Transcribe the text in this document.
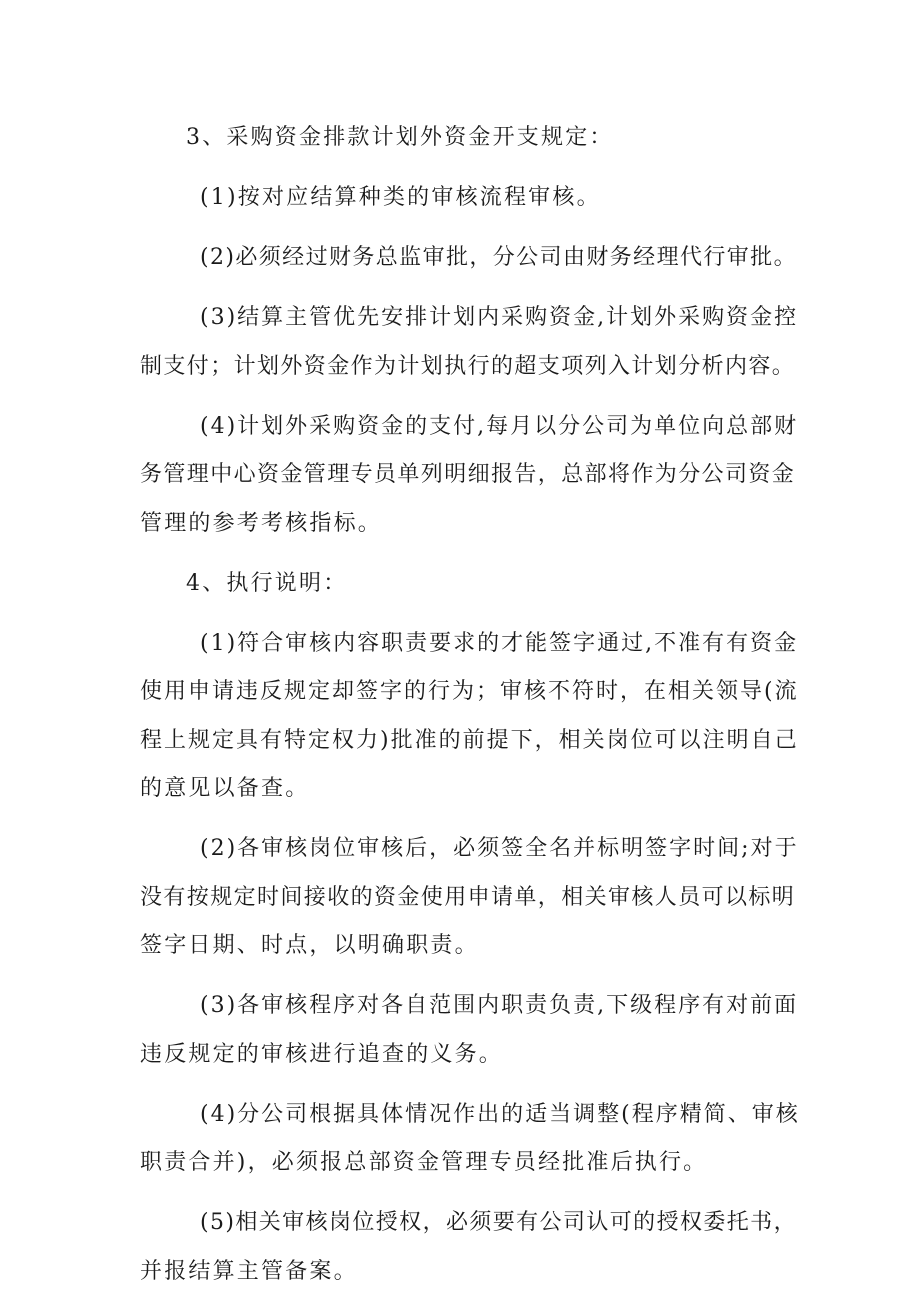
3、采购资金排款计划外资金开支规定：
(1)按对应结算种类的审核流程审核。
(2)必须经过财务总监审批，分公司由财务经理代行审批。
(3)结算主管优先安排计划内采购资金,计划外采购资金控
制支付；计划外资金作为计划执行的超支项列入计划分析内容。
(4)计划外采购资金的支付,每月以分公司为单位向总部财
务管理中心资金管理专员单列明细报告，总部将作为分公司资金
管理的参考考核指标。
4、执行说明：
(1)符合审核内容职责要求的才能签字通过,不准有有资金
使用申请违反规定却签字的行为；审核不符时，在相关领导(流
程上规定具有特定权力)批准的前提下，相关岗位可以注明自己
的意见以备查。
(2)各审核岗位审核后，必须签全名并标明签字时间;对于
没有按规定时间接收的资金使用申请单，相关审核人员可以标明
签字日期、时点，以明确职责。
(3)各审核程序对各自范围内职责负责,下级程序有对前面
违反规定的审核进行追查的义务。
(4)分公司根据具体情况作出的适当调整(程序精简、审核
职责合并)，必须报总部资金管理专员经批准后执行。
(5)相关审核岗位授权，必须要有公司认可的授权委托书，
并报结算主管备案。
